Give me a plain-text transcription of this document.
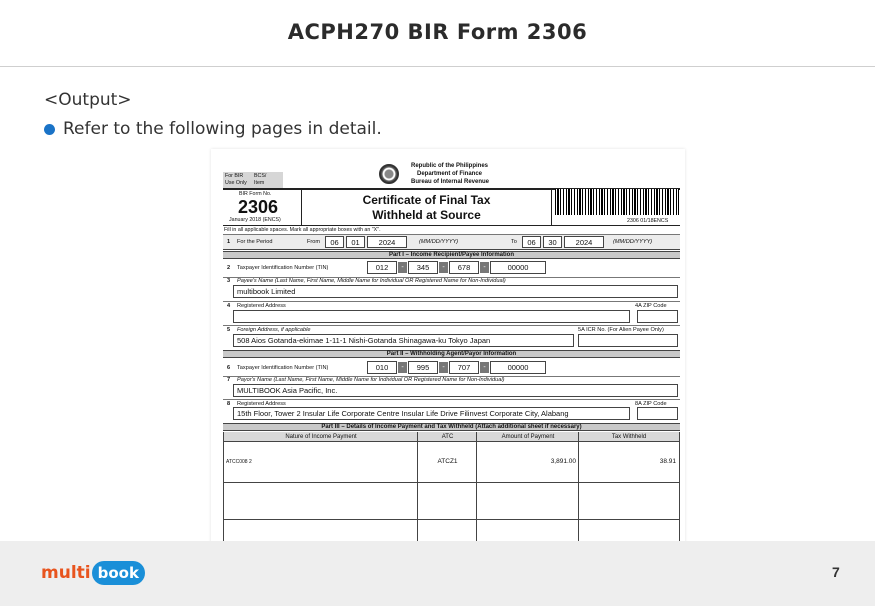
ACPH270 BIR Form 2306
<Output>
Refer to the following pages in detail.
For BIR BCS/
Use Only Item
Republic of the Philippines
Department of Finance
Bureau of Internal Revenue
BIR Form No.
2306
January 2018 (ENCS)
Certificate of Final Tax
Withheld at Source	2306 01/18ENCS
Fill in all applicable spaces. Mark all appropriate boxes with an "X".
1 For the Period	From	06	01	2024	(MM/DD/YYYY)	To	06	30	2024	(MM/DD/YYYY)
Part I – Income Recipient/Payee Information
2 Taxpayer Identification Number (TIN)	012	-	345	-	678	-	00000
3 Payee's Name (Last Name, First Name, Middle Name for Individual OR Registered Name for Non-Individual)
multibook Limited
4 Registered Address	4A ZIP Code
5 Foreign Address, if applicable	5A ICR No. (For Alien Payee Only)
508 Aios Gotanda-ekimae 1-11-1 Nishi-Gotanda Shinagawa-ku Tokyo Japan
Part II – Withholding Agent/Payor Information
6 Taxpayer Identification Number (TIN)	010	-	995	-	707	-	00000
7 Payor's Name (Last Name, First Name, Middle Name for Individual OR Registered Name for Non-Individual)
MULTIBOOK Asia Pacific, Inc.
8 Registered Address	8A ZIP Code
15th Floor, Tower 2 Insular Life Corporate Centre Insular Life Drive Filinvest Corporate City, Alabang
Part III – Details of Income Payment and Tax Withheld (Attach additional sheet if necessary)
Nature of Income Payment	ATC	Amount of Payment	Tax Withheld
ATCC008 2	ATCZ1	3,891.00	38.91
multi book	7
